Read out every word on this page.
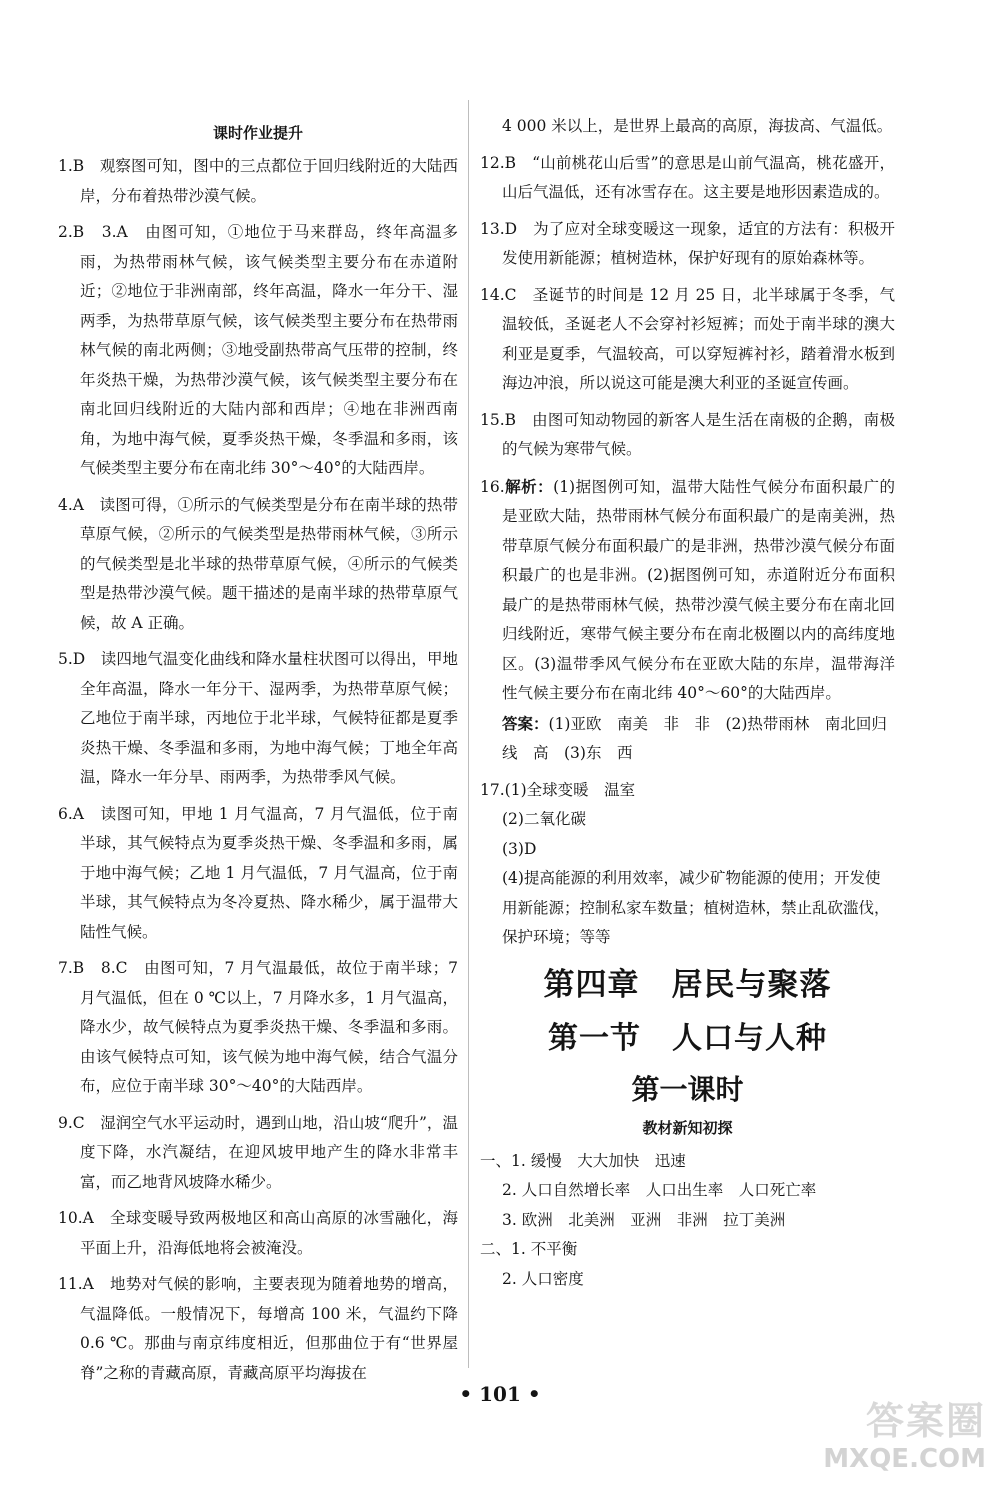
课时作业提升
1.B　 观察图可知，图中的三点都位于回归线附近的大陆西岸，分布着热带沙漠气候。
2.B　 3.A　由图可知，①地位于马来群岛，终年高温多雨，为热带雨林气候，该气候类型主要分布在赤道附近；②地位于非洲南部，终年高温，降水一年分干、湿两季，为热带草原气候，该气候类型主要分布在热带雨林气候的南北两侧；③地受副热带高气压带的控制，终年炎热干燥，为热带沙漠气候，该气候类型主要分布在南北回归线附近的大陆内部和西岸；④地在非洲西南角，为地中海气候，夏季炎热干燥，冬季温和多雨，该气候类型主要分布在南北纬 30°～40°的大陆西岸。
4.A　 读图可得，①所示的气候类型是分布在南半球的热带草原气候，②所示的气候类型是热带雨林气候，③所示的气候类型是北半球的热带草原气候，④所示的气候类型是热带沙漠气候。题干描述的是南半球的热带草原气候，故 A 正确。
5.D　 读四地气温变化曲线和降水量柱状图可以得出，甲地全年高温，降水一年分干、湿两季，为热带草原气候；乙地位于南半球，丙地位于北半球，气候特征都是夏季炎热干燥、冬季温和多雨，为地中海气候；丁地全年高温，降水一年分旱、雨两季，为热带季风气候。
6.A　 读图可知，甲地 1 月气温高，7 月气温低，位于南半球，其气候特点为夏季炎热干燥、冬季温和多雨，属于地中海气候；乙地 1 月气温低，7 月气温高，位于南半球，其气候特点为冬冷夏热、降水稀少，属于温带大陆性气候。
7.B　 8.C　由图可知，7 月气温最低，故位于南半球；7 月气温低，但在 0 ℃以上，7 月降水多，1 月气温高，降水少，故气候特点为夏季炎热干燥、冬季温和多雨。由该气候特点可知，该气候为地中海气候，结合气温分布，应位于南半球 30°～40°的大陆西岸。
9.C　 湿润空气水平运动时，遇到山地，沿山坡“爬升”，温度下降，水汽凝结，在迎风坡甲地产生的降水非常丰富，而乙地背风坡降水稀少。
10.A　 全球变暖导致两极地区和高山高原的冰雪融化，海平面上升，沿海低地将会被淹没。
11.A　 地势对气候的影响，主要表现为随着地势的增高，气温降低。一般情况下，每增高 100 米，气温约下降 0.6 ℃。那曲与南京纬度相近，但那曲位于有“世界屋脊”之称的青藏高原，青藏高原平均海拔在
4 000 米以上，是世界上最高的高原，海拔高、气温低。
12.B　 “山前桃花山后雪”的意思是山前气温高，桃花盛开，山后气温低，还有冰雪存在。这主要是地形因素造成的。
13.D　 为了应对全球变暖这一现象，适宜的方法有：积极开发使用新能源；植树造林，保护好现有的原始森林等。
14.C　 圣诞节的时间是 12 月 25 日，北半球属于冬季，气温较低，圣诞老人不会穿衬衫短裤；而处于南半球的澳大利亚是夏季，气温较高，可以穿短裤衬衫，踏着滑水板到海边冲浪，所以说这可能是澳大利亚的圣诞宣传画。
15.B　 由图可知动物园的新客人是生活在南极的企鹅，南极的气候为寒带气候。
16.解析：(1)据图例可知，温带大陆性气候分布面积最广的是亚欧大陆，热带雨林气候分布面积最广的是南美洲，热带草原气候分布面积最广的是非洲，热带沙漠气候分布面积最广的也是非洲。(2)据图例可知，赤道附近分布面积最广的是热带雨林气候，热带沙漠气候主要分布在南北回归线附近，寒带气候主要分布在南北极圈以内的高纬度地区。(3)温带季风气候分布在亚欧大陆的东岸，温带海洋性气候主要分布在南北纬 40°～60°的大陆西岸。
答案：(1)亚欧　南美　非　非　(2)热带雨林　南北回归线　高　(3)东　西
17.(1)全球变暖　温室
(2)二氧化碳
(3)D
(4)提高能源的利用效率，减少矿物能源的使用；开发使用新能源；控制私家车数量；植树造林，禁止乱砍滥伐，保护环境；等等
第四章　居民与聚落
第一节　人口与人种
第一课时
教材新知初探
一、1. 缓慢　大大加快　迅速
2. 人口自然增长率　人口出生率　人口死亡率
3. 欧洲　北美洲　亚洲　非洲　拉丁美洲
二、1. 不平衡
2. 人口密度
• 101 •
答案圈
MXQE.COM
